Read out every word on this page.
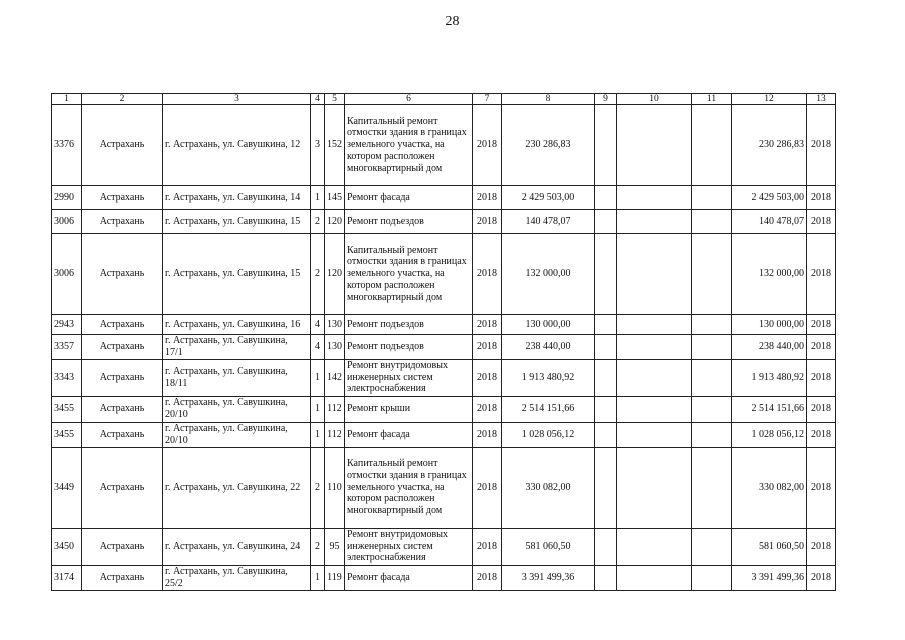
28
1	2	3	4	5	6	7	8	9	10	11	12	13
3376	Астрахань	г. Астрахань, ул. Савушкина, 12	3	152	Капитальный ремонт отмостки здания в границах земельного участка, на котором расположен многоквартирный дом	2018	230 286,83				230 286,83	2018
2990	Астрахань	г. Астрахань, ул. Савушкина, 14	1	145	Ремонт фасада	2018	2 429 503,00				2 429 503,00	2018
3006	Астрахань	г. Астрахань, ул. Савушкина, 15	2	120	Ремонт подъездов	2018	140 478,07				140 478,07	2018
3006	Астрахань	г. Астрахань, ул. Савушкина, 15	2	120	Капитальный ремонт отмостки здания в границах земельного участка, на котором расположен многоквартирный дом	2018	132 000,00				132 000,00	2018
2943	Астрахань	г. Астрахань, ул. Савушкина, 16	4	130	Ремонт подъездов	2018	130 000,00				130 000,00	2018
3357	Астрахань	г. Астрахань, ул. Савушкина, 17/1	4	130	Ремонт подъездов	2018	238 440,00				238 440,00	2018
3343	Астрахань	г. Астрахань, ул. Савушкина, 18/11	1	142	Ремонт внутридомовых инженерных систем электроснабжения	2018	1 913 480,92				1 913 480,92	2018
3455	Астрахань	г. Астрахань, ул. Савушкина, 20/10	1	112	Ремонт крыши	2018	2 514 151,66				2 514 151,66	2018
3455	Астрахань	г. Астрахань, ул. Савушкина, 20/10	1	112	Ремонт фасада	2018	1 028 056,12				1 028 056,12	2018
3449	Астрахань	г. Астрахань, ул. Савушкина, 22	2	110	Капитальный ремонт отмостки здания в границах земельного участка, на котором расположен многоквартирный дом	2018	330 082,00				330 082,00	2018
3450	Астрахань	г. Астрахань, ул. Савушкина, 24	2	95	Ремонт внутридомовых инженерных систем электроснабжения	2018	581 060,50				581 060,50	2018
3174	Астрахань	г. Астрахань, ул. Савушкина, 25/2	1	119	Ремонт фасада	2018	3 391 499,36				3 391 499,36	2018
